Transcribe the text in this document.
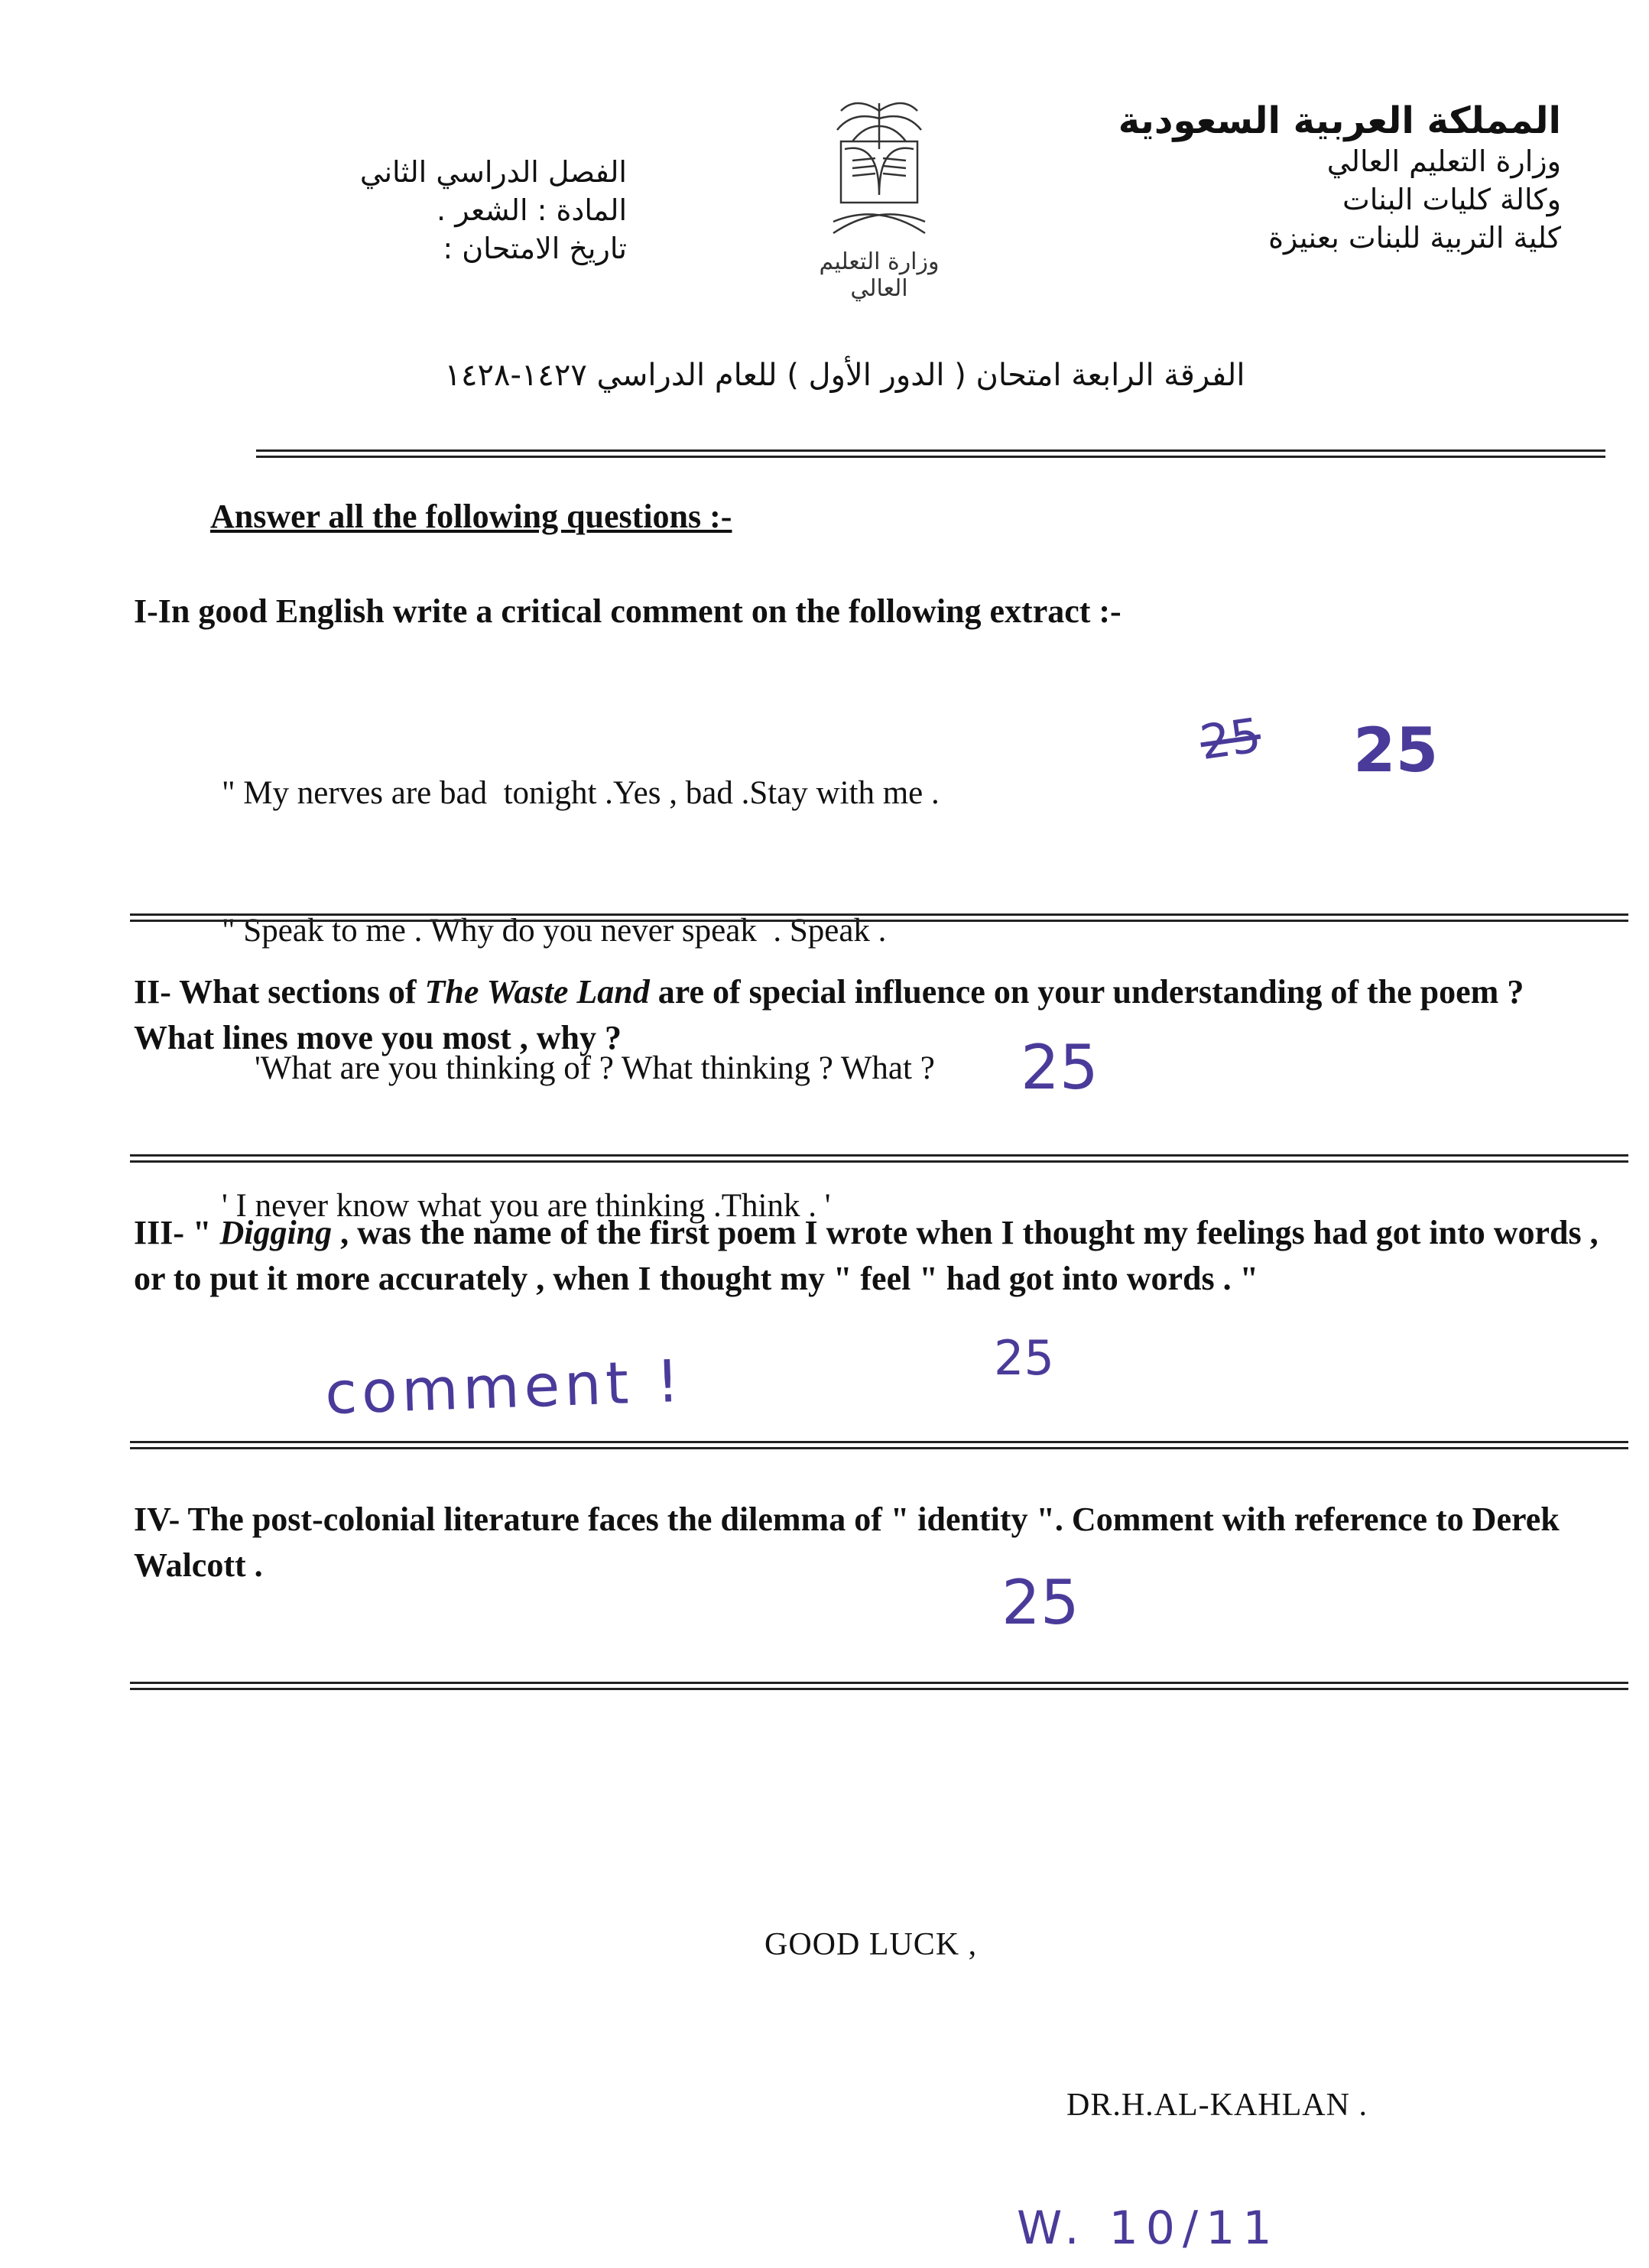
المملكة العربية السعودية
وزارة التعليم العالي
وكالة كليات البنات
كلية التربية للبنات بعنيزة
وزارة التعليم العالي
الفصل الدراسي الثاني
المادة : الشعر .
تاريخ الامتحان :
الفرقة الرابعة امتحان ( الدور الأول ) للعام الدراسي ١٤٢٧-١٤٢٨
Answer all the following questions :-
I-In good English write a critical comment on the following extract :-

" My nerves are bad  tonight .Yes , bad .Stay with me .

" Speak to me . Why do you never speak  . Speak .

'What are you thinking of ? What thinking ? What ?

' I never know what you are thinking .Think . '

25 25
II- What sections of The Waste Land are of special influence on your understanding of the poem ? What lines move you most , why ?	25
III- " Digging , was the name of the first poem I wrote when I thought my feelings had got into words , or to put it more accurately , when I thought my " feel " had got into words . "
comment !	25
IV- The post-colonial literature faces the dilemma of " identity ". Comment with reference to Derek Walcott .
25
GOOD LUCK ,
DR.H.AL-KAHLAN .
W. 10/11
